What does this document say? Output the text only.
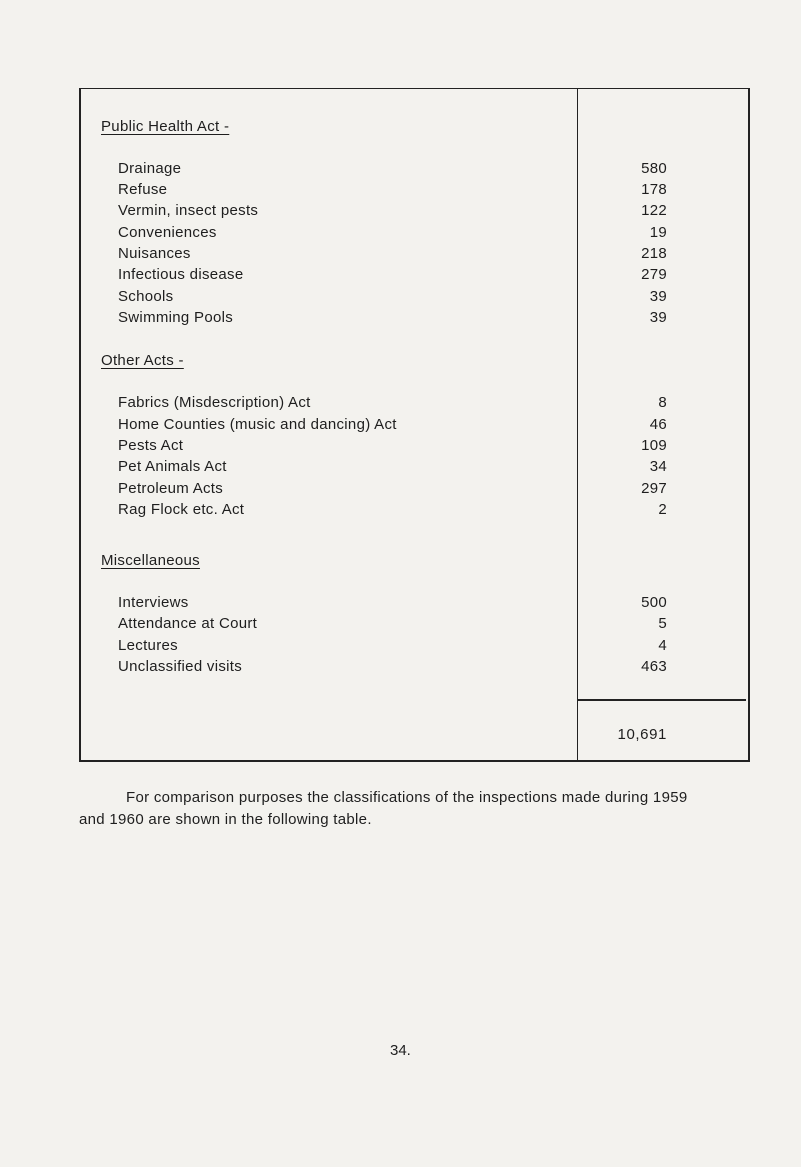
Public Health Act -
Drainage	580
Refuse	178
Vermin, insect pests	122
Conveniences	19
Nuisances	218
Infectious disease	279
Schools	39
Swimming Pools	39
Other Acts -
Fabrics (Misdescription) Act	8
Home Counties (music and dancing) Act	46
Pests Act	109
Pet Animals Act	34
Petroleum Acts	297
Rag Flock etc. Act	2
Miscellaneous
Interviews	500
Attendance at Court	5
Lectures	4
Unclassified visits	463
10,691
For comparison purposes the classifications of the inspections made during 1959
and 1960 are shown in the following table.
34.
